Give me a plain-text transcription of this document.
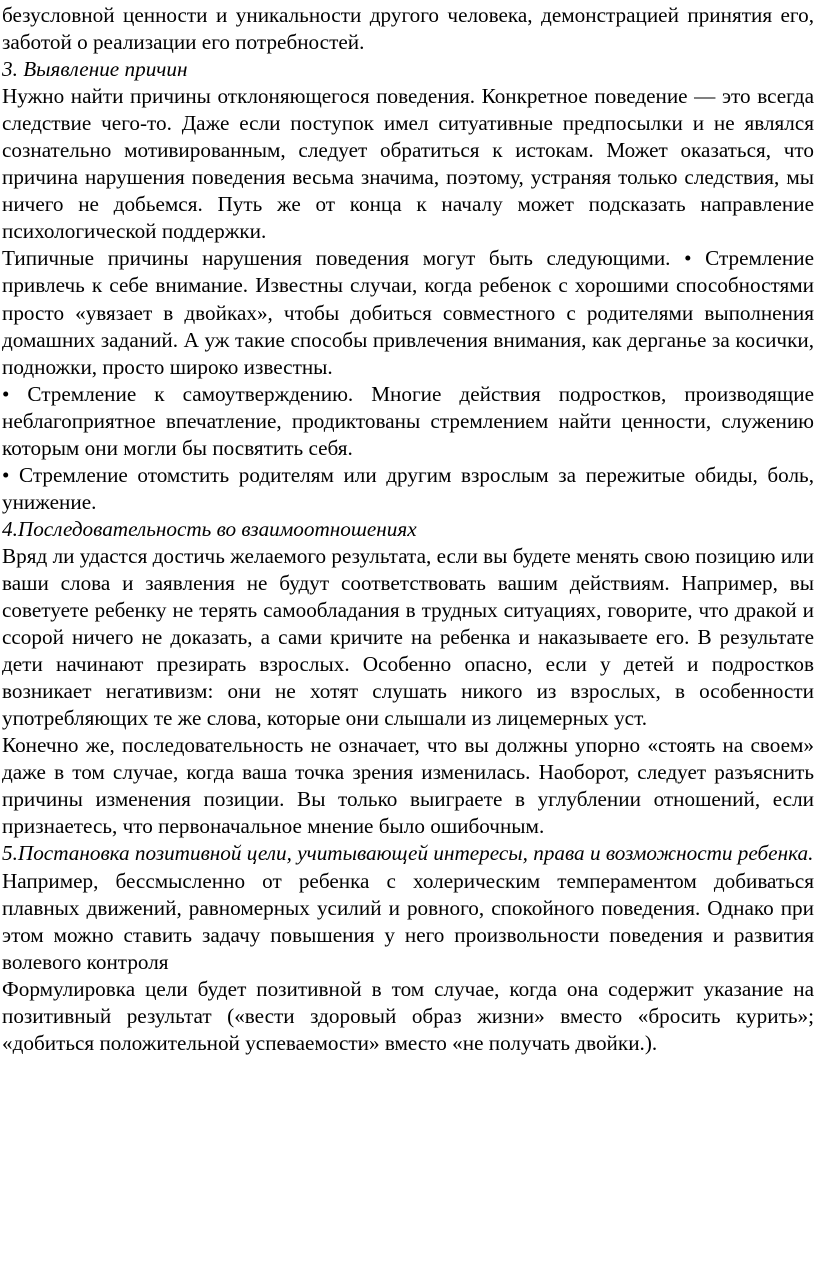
безусловной ценности и уникальности другого человека, демонстрацией принятия его, заботой о реализации его потребностей.

3. Выявление причин

Нужно найти причины отклоняющегося поведения. Конкретное поведение — это всегда следствие чего-то. Даже если поступок имел ситуативные предпосылки и не являлся сознательно мотивированным, следует обратиться к истокам. Может оказаться, что причина нарушения поведения весьма значима, поэтому, устраняя только следствия, мы ничего не добьемся. Путь же от конца к началу может подсказать направление психологической поддержки.

Типичные причины нарушения поведения могут быть следующими. • Стремление привлечь к себе внимание. Известны случаи, когда ребенок с хорошими способностями просто «увязает в двойках», чтобы добиться совместного с родителями выполнения домашних заданий. А уж такие способы привлечения внимания, как дерганье за косички, подножки, просто широко известны.

• Стремление к самоутверждению. Многие действия подростков, производящие неблагоприятное впечатление, продиктованы стремлением найти ценности, служению которым они могли бы посвятить себя.

• Стремление отомстить родителям или другим взрослым за пережитые обиды, боль, унижение.

4.Последовательность во взаимоотношениях

Вряд ли удастся достичь желаемого результата, если вы будете менять свою позицию или ваши слова и заявления не будут соответствовать вашим действиям. Например, вы советуете ребенку не терять самообладания в трудных ситуациях, говорите, что дракой и ссорой ничего не доказать, а сами кричите на ребенка и наказываете его. В результате дети начинают презирать взрослых. Особенно опасно, если у детей и подростков возникает негативизм: они не хотят слушать никого из взрослых, в особенности употребляющих те же слова, которые они слышали из лицемерных уст.

Конечно же, последовательность не означает, что вы должны упорно «стоять на своем» даже в том случае, когда ваша точка зрения изменилась. Наоборот, следует разъяснить причины изменения позиции. Вы только выиграете в углублении отношений, если признаетесь, что первоначальное мнение было ошибочным.

5.Постановка позитивной цели, учитывающей интересы, права и возможности ребенка.

Например, бессмысленно от ребенка с холерическим темпераментом добиваться плавных движений, равномерных усилий и ровного, спокойного поведения. Однако при этом можно ставить задачу повышения у него произвольности поведения и развития волевого контроля

Формулировка цели будет позитивной в том случае, когда она содержит указание на позитивный результат («вести здоровый образ жизни» вместо «бросить курить»; «добиться положительной успеваемости» вместо «не получать двойки.).
